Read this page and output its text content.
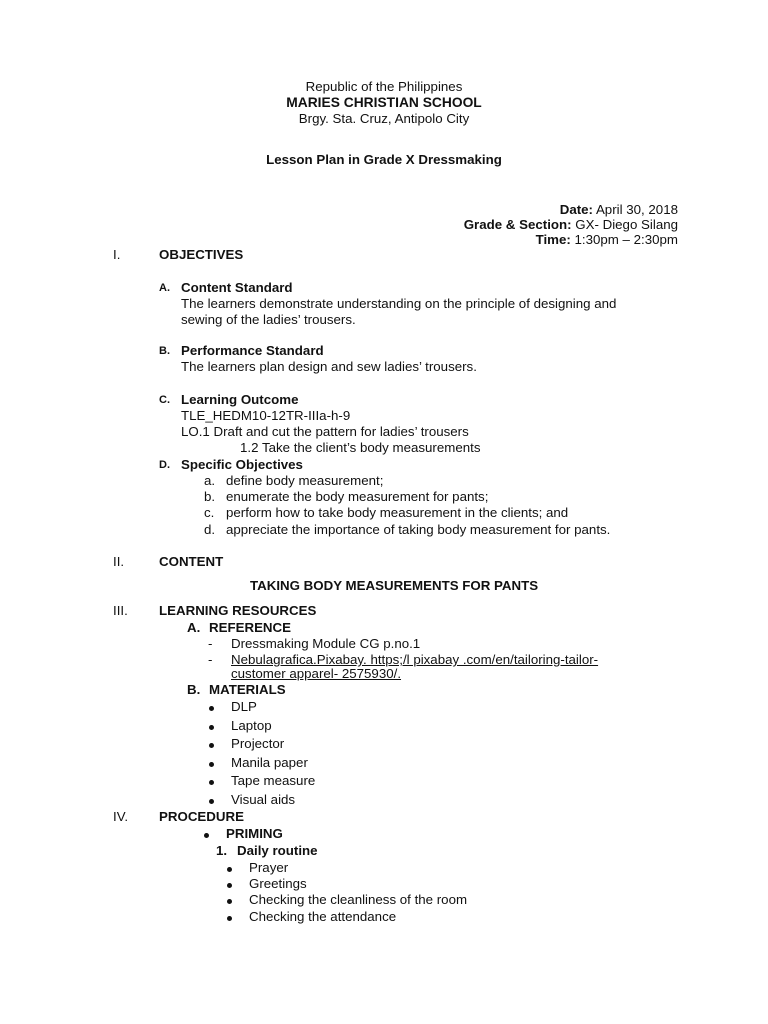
Republic of the Philippines
MARIES CHRISTIAN SCHOOL
Brgy. Sta. Cruz, Antipolo City
Lesson Plan in Grade X Dressmaking
Date: April 30, 2018
Grade & Section: GX- Diego Silang
Time: 1:30pm – 2:30pm
I.	OBJECTIVES
A. Content Standard
The learners demonstrate understanding on the principle of designing and
sewing of the ladies’ trousers.
B. Performance Standard
The learners plan design and sew ladies’ trousers.
C. Learning Outcome
TLE_HEDM10-12TR-IIIa-h-9
LO.1 Draft and cut the pattern for ladies’ trousers
1.2 Take the client’s body measurements
D. Specific Objectives
a. define body measurement;
b. enumerate the body measurement for pants;
c. perform how to take body measurement in the clients; and
d. appreciate the importance of taking body measurement for pants.
II.	CONTENT
TAKING BODY MEASUREMENTS FOR PANTS
III. LEARNING RESOURCES
A. REFERENCE
- Dressmaking Module CG p.no.1
- Nebulagrafica.Pixabay. https;/l pixabay .com/en/tailoring-tailor-
customer apparel- 2575930/.
B. MATERIALS
DLP
Laptop
Projector
Manila paper
Tape measure
Visual aids
IV. PROCEDURE
PRIMING
1. Daily routine
Prayer
Greetings
Checking the cleanliness of the room
Checking the attendance
